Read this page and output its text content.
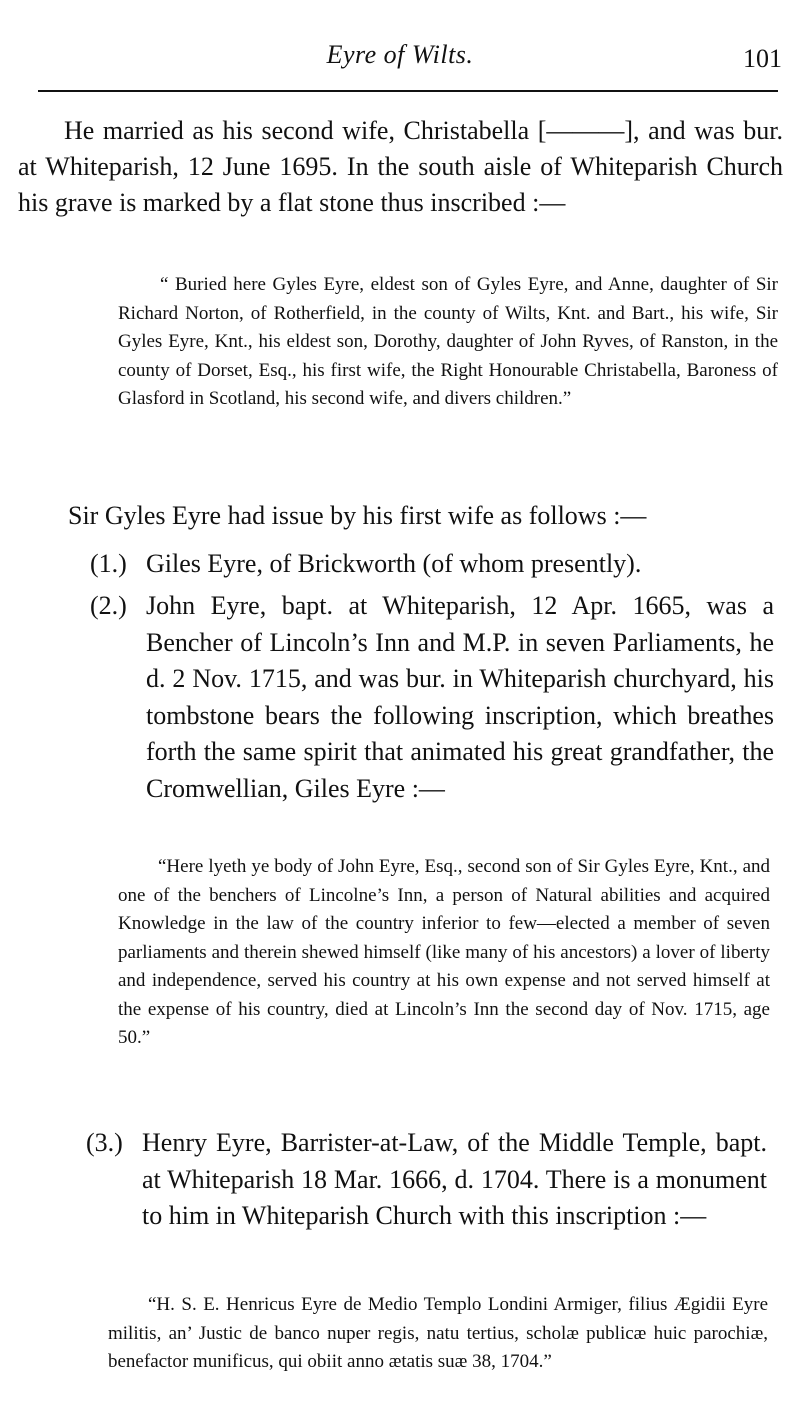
Eyre of Wilts.	101

He married as his second wife, Christabella [———], and was bur. at Whiteparish, 12 June 1695. In the south aisle of Whiteparish Church his grave is marked by a flat stone thus inscribed :—

“ Buried here Gyles Eyre, eldest son of Gyles Eyre, and Anne, daughter of Sir Richard Norton, of Rotherfield, in the county of Wilts, Knt. and Bart., his wife, Sir Gyles Eyre, Knt., his eldest son, Dorothy, daughter of John Ryves, of Ranston, in the county of Dorset, Esq., his first wife, the Right Honourable Christabella, Baroness of Glasford in Scotland, his second wife, and divers children.”

Sir Gyles Eyre had issue by his first wife as follows :—

(1.) Giles Eyre, of Brickworth (of whom presently).
(2.) John Eyre, bapt. at Whiteparish, 12 Apr. 1665, was a Bencher of Lincoln’s Inn and M.P. in seven Parliaments, he d. 2 Nov. 1715, and was bur. in Whiteparish churchyard, his tombstone bears the following inscription, which breathes forth the same spirit that animated his great grandfather, the Cromwellian, Giles Eyre :—

“Here lyeth ye body of John Eyre, Esq., second son of Sir Gyles Eyre, Knt., and one of the benchers of Lincolne’s Inn, a person of Natural abilities and acquired Knowledge in the law of the country inferior to few—elected a member of seven parliaments and therein shewed himself (like many of his ancestors) a lover of liberty and independence, served his country at his own expense and not served himself at the expense of his country, died at Lincoln’s Inn the second day of Nov. 1715, age 50.”

(3.) Henry Eyre, Barrister-at-Law, of the Middle Temple, bapt. at Whiteparish 18 Mar. 1666, d. 1704. There is a monument to him in Whiteparish Church with this inscription :—

“H. S. E. Henricus Eyre de Medio Templo Londini Armiger, filius Ægidii Eyre militis, an’ Justic de banco nuper regis, natu tertius, scholæ publicæ huic parochiæ, benefactor munificus, qui obiit anno ætatis suæ 38, 1704.”
